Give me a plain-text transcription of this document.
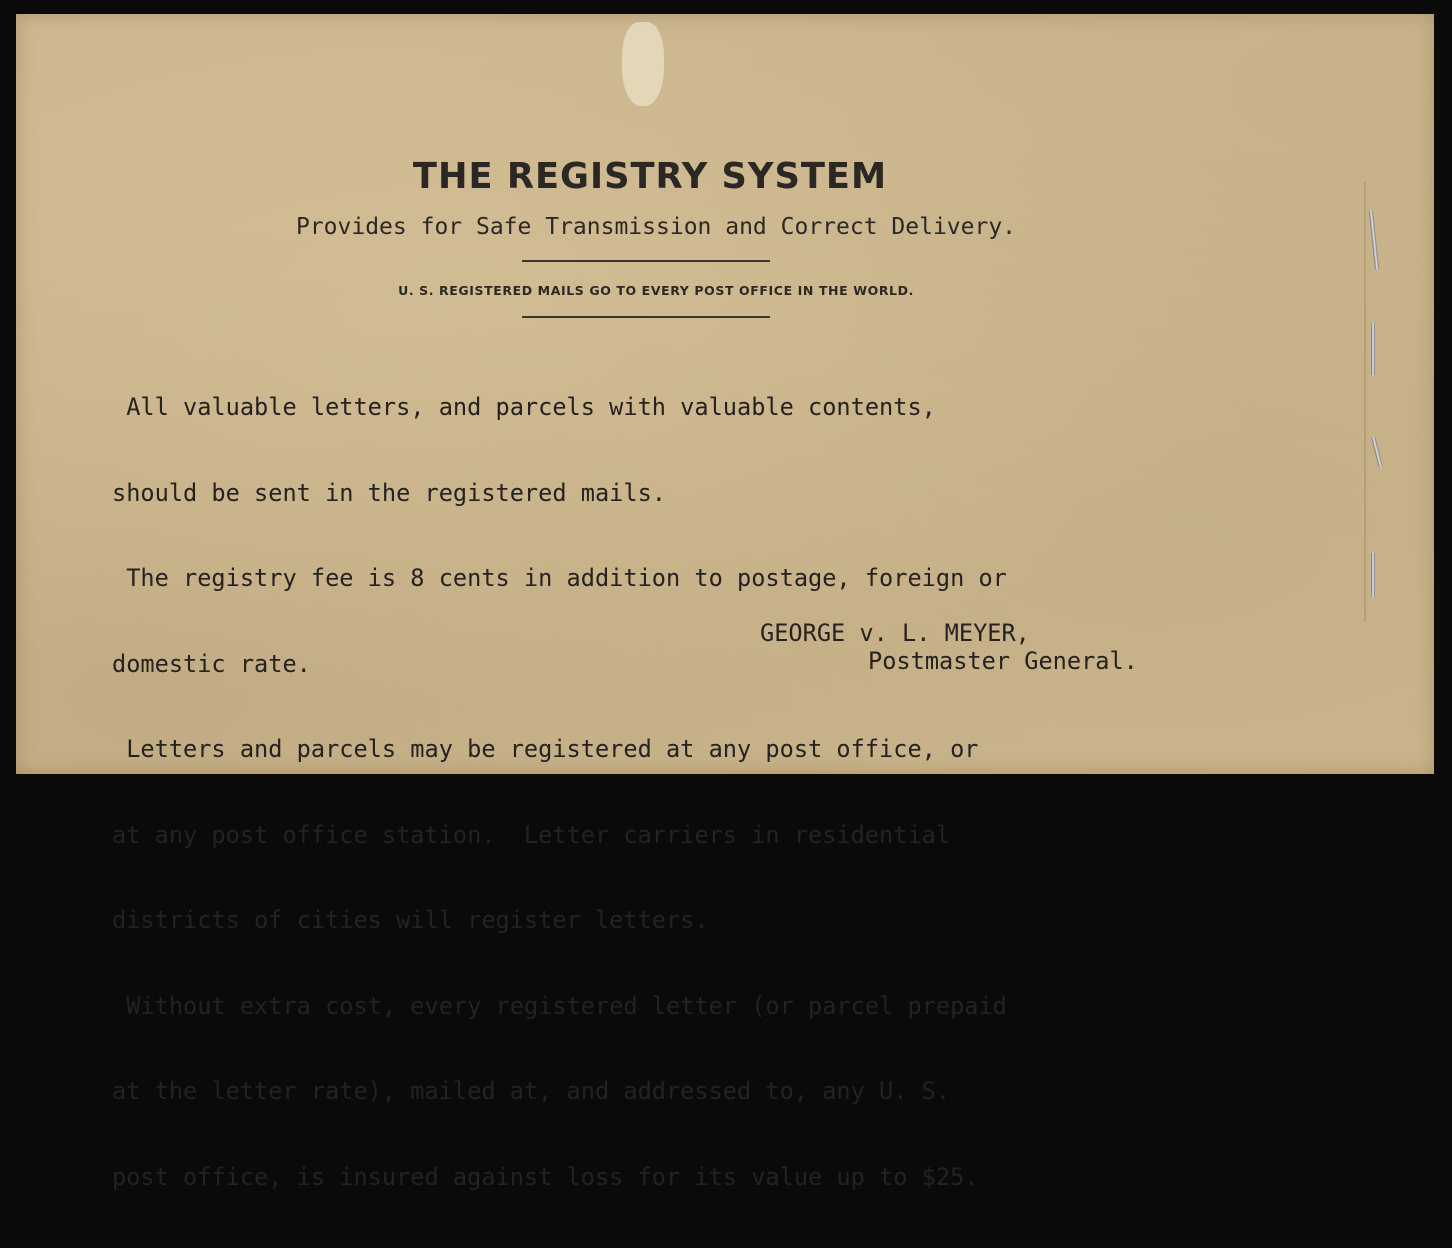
THE REGISTRY SYSTEM
Provides for Safe Transmission and Correct Delivery.
U. S. REGISTERED MAILS GO TO EVERY POST OFFICE IN THE WORLD.

All valuable letters, and parcels with valuable contents,

should be sent in the registered mails.

The registry fee is 8 cents in addition to postage, foreign or

domestic rate.

Letters and parcels may be registered at any post office, or

at any post office station.  Letter carriers in residential

districts of cities will register letters.

Without extra cost, every registered letter (or parcel prepaid

at the letter rate), mailed at, and addressed to, any U. S.

post office, is insured against loss for its value up to $25.

GEORGE v. L. MEYER,
Postmaster General.
